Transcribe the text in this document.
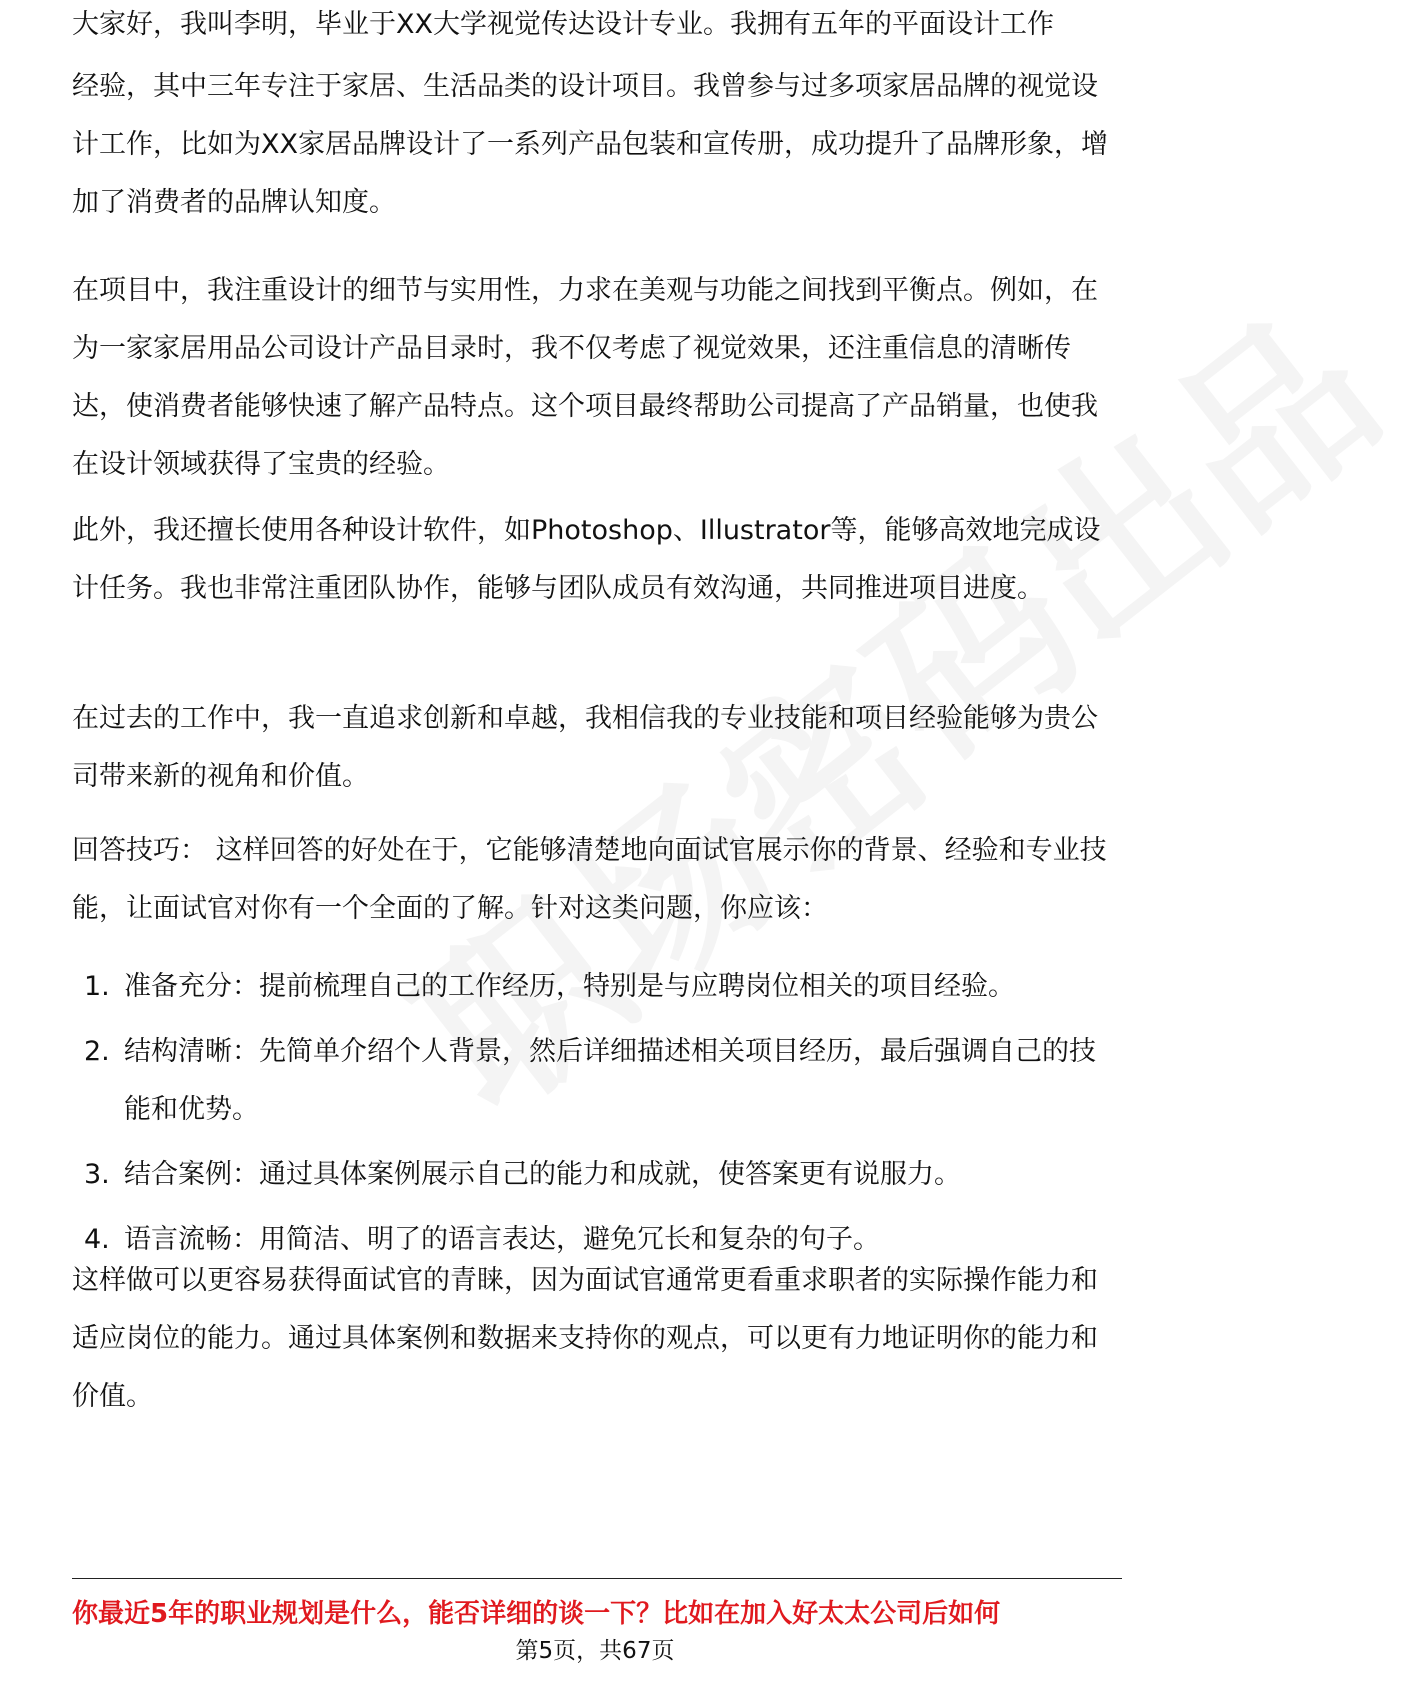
大家好，我叫李明，毕业于XX大学视觉传达设计专业。我拥有五年的平面设计工作

经验，其中三年专注于家居、生活品类的设计项目。我曾参与过多项家居品牌的视觉设计工作，比如为XX家居品牌设计了一系列产品包装和宣传册，成功提升了品牌形象，增加了消费者的品牌认知度。

在项目中，我注重设计的细节与实用性，力求在美观与功能之间找到平衡点。例如，在为一家家居用品公司设计产品目录时，我不仅考虑了视觉效果，还注重信息的清晰传达，使消费者能够快速了解产品特点。这个项目最终帮助公司提高了产品销量，也使我在设计领域获得了宝贵的经验。

此外，我还擅长使用各种设计软件，如Photoshop、Illustrator等，能够高效地完成设计任务。我也非常注重团队协作，能够与团队成员有效沟通，共同推进项目进度。

在过去的工作中，我一直追求创新和卓越，我相信我的专业技能和项目经验能够为贵公司带来新的视角和价值。

回答技巧： 这样回答的好处在于，它能够清楚地向面试官展示你的背景、经验和专业技能，让面试官对你有一个全面的了解。针对这类问题，你应该：

1. 准备充分：提前梳理自己的工作经历，特别是与应聘岗位相关的项目经验。
2. 结构清晰：先简单介绍个人背景，然后详细描述相关项目经历，最后强调自己的技能和优势。
3. 结合案例：通过具体案例展示自己的能力和成就，使答案更有说服力。
4. 语言流畅：用简洁、明了的语言表达，避免冗长和复杂的句子。

这样做可以更容易获得面试官的青睐，因为面试官通常更看重求职者的实际操作能力和适应岗位的能力。通过具体案例和数据来支持你的观点，可以更有力地证明你的能力和价值。

你最近5年的职业规划是什么，能否详细的谈一下？比如在加入好太太公司后如何
第5页，共67页
